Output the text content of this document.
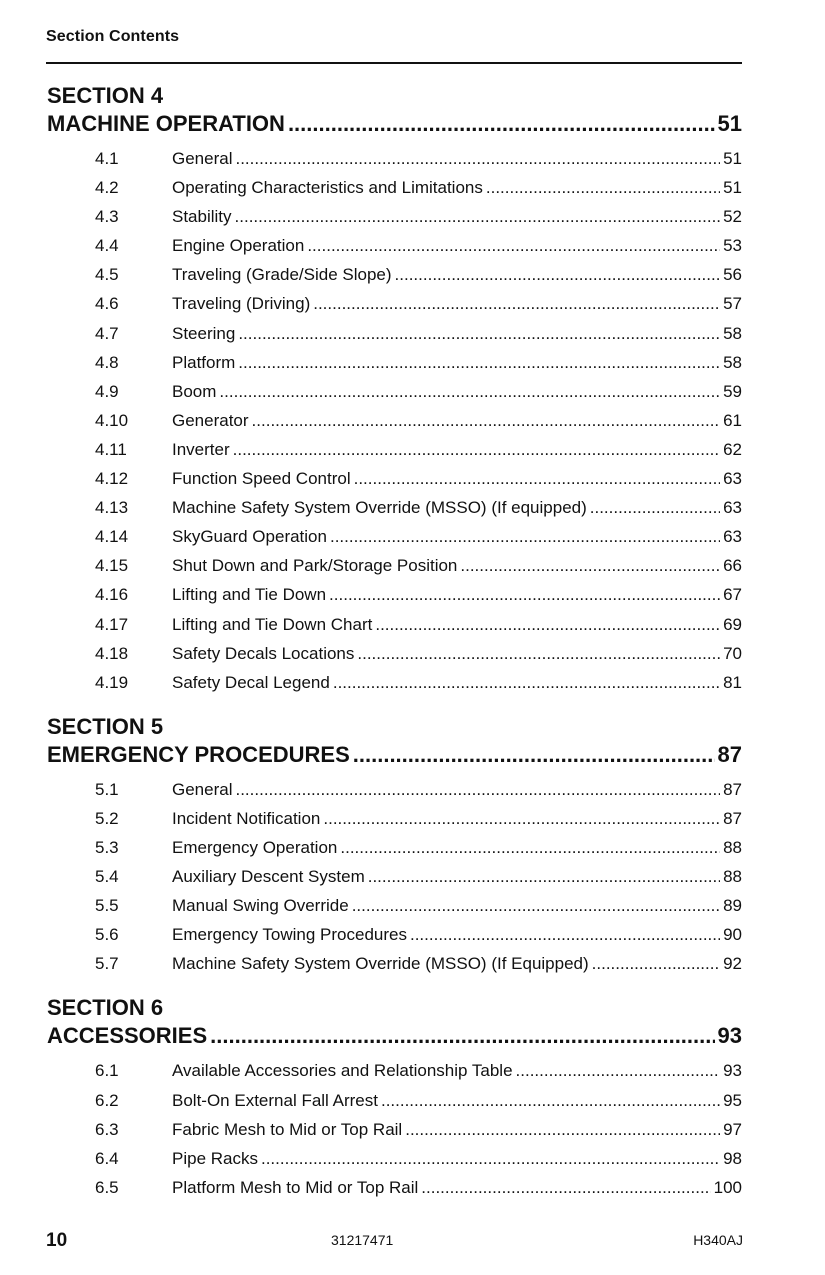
Section Contents
SECTION 4
MACHINE OPERATION .....	51
4.1	General .....	51
4.2	Operating Characteristics and Limitations .....	51
4.3	Stability .....	52
4.4	Engine Operation .....	53
4.5	Traveling (Grade/Side Slope) .....	56
4.6	Traveling (Driving) .....	57
4.7	Steering .....	58
4.8	Platform .....	58
4.9	Boom .....	59
4.10	Generator .....	61
4.11	Inverter .....	62
4.12	Function Speed Control .....	63
4.13	Machine Safety System Override (MSSO) (If equipped) .....	63
4.14	SkyGuard Operation .....	63
4.15	Shut Down and Park/Storage Position .....	66
4.16	Lifting and Tie Down .....	67
4.17	Lifting and Tie Down Chart .....	69
4.18	Safety Decals Locations .....	70
4.19	Safety Decal Legend .....	81
SECTION 5
EMERGENCY PROCEDURES .....	87
5.1	General .....	87
5.2	Incident Notification .....	87
5.3	Emergency Operation .....	88
5.4	Auxiliary Descent System .....	88
5.5	Manual Swing Override .....	89
5.6	Emergency Towing Procedures .....	90
5.7	Machine Safety System Override (MSSO) (If Equipped) .....	92
SECTION 6
ACCESSORIES .....	93
6.1	Available Accessories and Relationship Table .....	93
6.2	Bolt-On External Fall Arrest .....	95
6.3	Fabric Mesh to Mid or Top Rail .....	97
6.4	Pipe Racks .....	98
6.5	Platform Mesh to Mid or Top Rail .....	100
10	31217471	H340AJ
